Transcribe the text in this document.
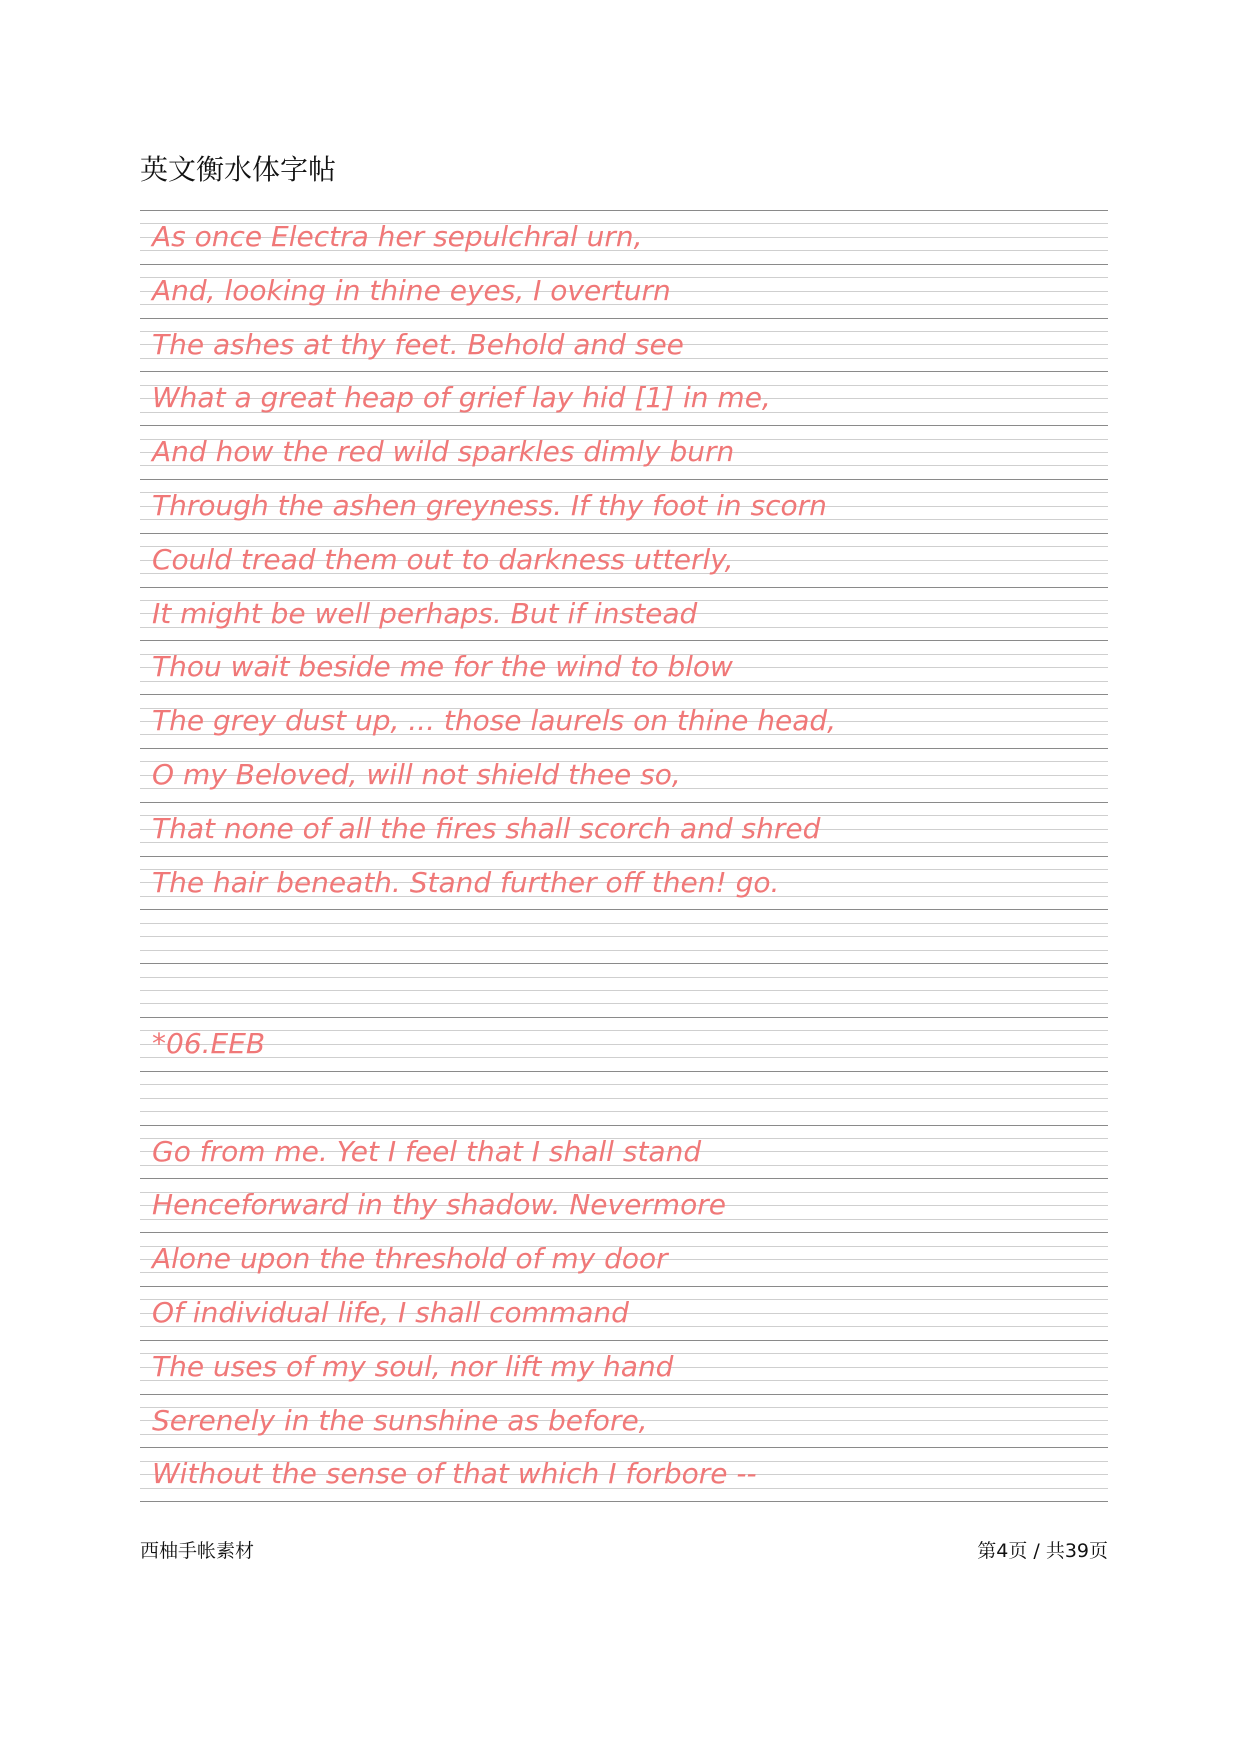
英文衡水体字帖
As once Electra her sepulchral urn,
And, looking in thine eyes, I overturn
The ashes at thy feet. Behold and see
What a great heap of grief lay hid [1] in me,
And how the red wild sparkles dimly burn
Through the ashen greyness. If thy foot in scorn
Could tread them out to darkness utterly,
It might be well perhaps. But if instead
Thou wait beside me for the wind to blow
The grey dust up, ... those laurels on thine head,
O my Beloved, will not shield thee so,
That none of all the fires shall scorch and shred
The hair beneath. Stand further off then! go.
*06.EEB
Go from me. Yet I feel that I shall stand
Henceforward in thy shadow. Nevermore
Alone upon the threshold of my door
Of individual life, I shall command
The uses of my soul, nor lift my hand
Serenely in the sunshine as before,
Without the sense of that which I forbore --
西柚手帐素材	第4页 / 共39页
